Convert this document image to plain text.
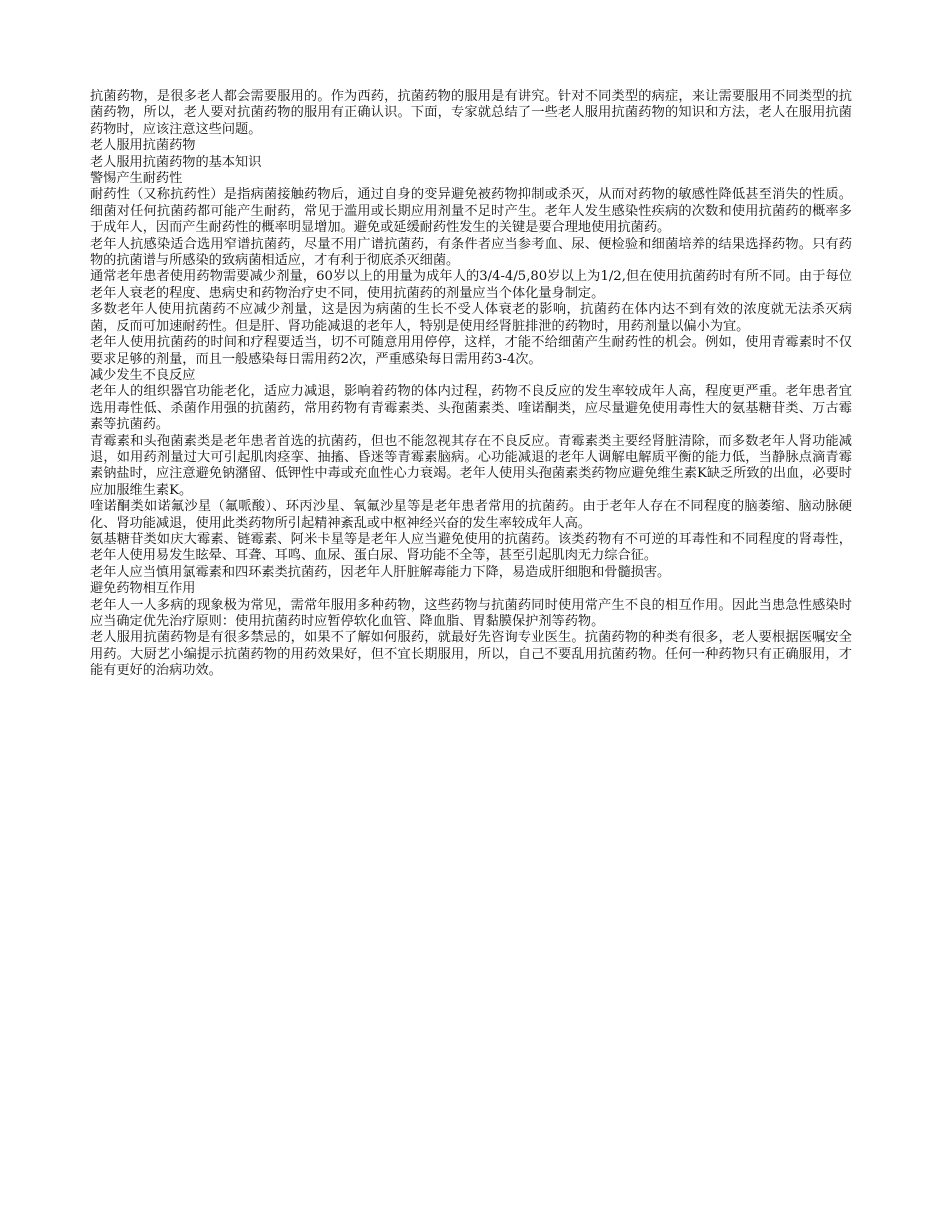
抗菌药物，是很多老人都会需要服用的。作为西药，抗菌药物的服用是有讲究。针对不同类型的病症，来让需要服用不同类型的抗菌药物，所以，老人要对抗菌药物的服用有正确认识。下面，专家就总结了一些老人服用抗菌药物的知识和方法，老人在服用抗菌药物时，应该注意这些问题。

老人服用抗菌药物

老人服用抗菌药物的基本知识

警惕产生耐药性

耐药性（又称抗药性）是指病菌接触药物后，通过自身的变异避免被药物抑制或杀灭，从而对药物的敏感性降低甚至消失的性质。细菌对任何抗菌药都可能产生耐药，常见于滥用或长期应用剂量不足时产生。老年人发生感染性疾病的次数和使用抗菌药的概率多于成年人，因而产生耐药性的概率明显增加。避免或延缓耐药性发生的关键是要合理地使用抗菌药。

老年人抗感染适合选用窄谱抗菌药，尽量不用广谱抗菌药，有条件者应当参考血、尿、便检验和细菌培养的结果选择药物。只有药物的抗菌谱与所感染的致病菌相适应，才有利于彻底杀灭细菌。

通常老年患者使用药物需要减少剂量，60岁以上的用量为成年人的3/4-4/5,80岁以上为1/2,但在使用抗菌药时有所不同。由于每位老年人衰老的程度、患病史和药物治疗史不同，使用抗菌药的剂量应当个体化量身制定。

多数老年人使用抗菌药不应减少剂量，这是因为病菌的生长不受人体衰老的影响，抗菌药在体内达不到有效的浓度就无法杀灭病菌，反而可加速耐药性。但是肝、肾功能减退的老年人，特别是使用经肾脏排泄的药物时，用药剂量以偏小为宜。

老年人使用抗菌药的时间和疗程要适当，切不可随意用用停停，这样，才能不给细菌产生耐药性的机会。例如，使用青霉素时不仅要求足够的剂量，而且一般感染每日需用药2次，严重感染每日需用药3-4次。

减少发生不良反应

老年人的组织器官功能老化，适应力减退，影响着药物的体内过程，药物不良反应的发生率较成年人高，程度更严重。老年患者宜选用毒性低、杀菌作用强的抗菌药，常用药物有青霉素类、头孢菌素类、喹诺酮类，应尽量避免使用毒性大的氨基糖苷类、万古霉素等抗菌药。

青霉素和头孢菌素类是老年患者首选的抗菌药，但也不能忽视其存在不良反应。青霉素类主要经肾脏清除，而多数老年人肾功能减退，如用药剂量过大可引起肌肉痉挛、抽搐、昏迷等青霉素脑病。心功能减退的老年人调解电解质平衡的能力低，当静脉点滴青霉素钠盐时，应注意避免钠潴留、低钾性中毒或充血性心力衰竭。老年人使用头孢菌素类药物应避免维生素K缺乏所致的出血，必要时应加服维生素K。

喹诺酮类如诺氟沙星（氟哌酸）、环丙沙星、氧氟沙星等是老年患者常用的抗菌药。由于老年人存在不同程度的脑萎缩、脑动脉硬化、肾功能减退，使用此类药物所引起精神紊乱或中枢神经兴奋的发生率较成年人高。

氨基糖苷类如庆大霉素、链霉素、阿米卡星等是老年人应当避免使用的抗菌药。该类药物有不可逆的耳毒性和不同程度的肾毒性，老年人使用易发生眩晕、耳聋、耳鸣、血尿、蛋白尿、肾功能不全等，甚至引起肌肉无力综合征。

老年人应当慎用氯霉素和四环素类抗菌药，因老年人肝脏解毒能力下降，易造成肝细胞和骨髓损害。

避免药物相互作用

老年人一人多病的现象极为常见，需常年服用多种药物，这些药物与抗菌药同时使用常产生不良的相互作用。因此当患急性感染时应当确定优先治疗原则：使用抗菌药时应暂停软化血管、降血脂、胃黏膜保护剂等药物。

老人服用抗菌药物是有很多禁忌的，如果不了解如何服药，就最好先咨询专业医生。抗菌药物的种类有很多，老人要根据医嘱安全用药。大厨艺小编提示抗菌药物的用药效果好，但不宜长期服用，所以，自己不要乱用抗菌药物。任何一种药物只有正确服用，才能有更好的治病功效。
